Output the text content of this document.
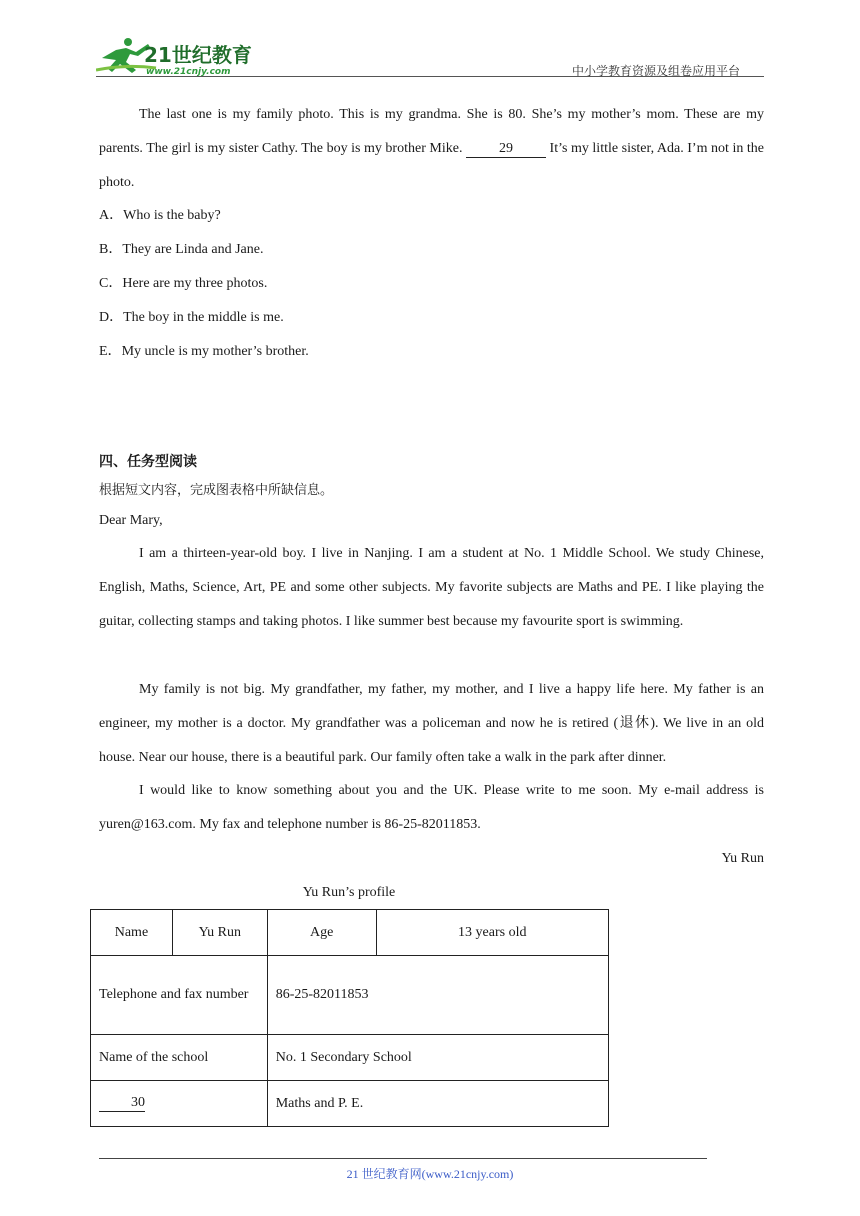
21世纪教育
www.21cnjy.com	中小学教育资源及组卷应用平台
The last one is my family photo. This is my grandma. She is 80. She’s my mother’s mom. These are my parents. The girl is my sister Cathy. The boy is my brother Mike. 29 It’s my little sister, Ada. I’m not in the photo.
A．Who is the baby?
B．They are Linda and Jane.
C．Here are my three photos.
D．The boy in the middle is me.
E．My uncle is my mother’s brother.
四、任务型阅读
根据短文内容，完成图表格中所缺信息。
Dear Mary,
I am a thirteen-year-old boy. I live in Nanjing. I am a student at No. 1 Middle School. We study Chinese, English, Maths, Science, Art, PE and some other subjects. My favorite subjects are Maths and PE. I like playing the guitar, collecting stamps and taking photos. I like summer best because my favourite sport is swimming.
My family is not big. My grandfather, my father, my mother, and I live a happy life here. My father is an engineer, my mother is a doctor. My grandfather was a policeman and now he is retired (退休). We live in an old house. Near our house, there is a beautiful park. Our family often take a walk in the park after dinner.
I would like to know something about you and the UK. Please write to me soon. My e-mail address is yuren@163.com. My fax and telephone number is 86-25-82011853.
Yu Run
Yu Run’s profile
Name	Yu Run	Age	13 years old
Telephone and fax number		86-25-82011853	
Name of the school		No. 1 Secondary School	
30		Maths and P. E.	
21 世纪教育网(www.21cnjy.com)
